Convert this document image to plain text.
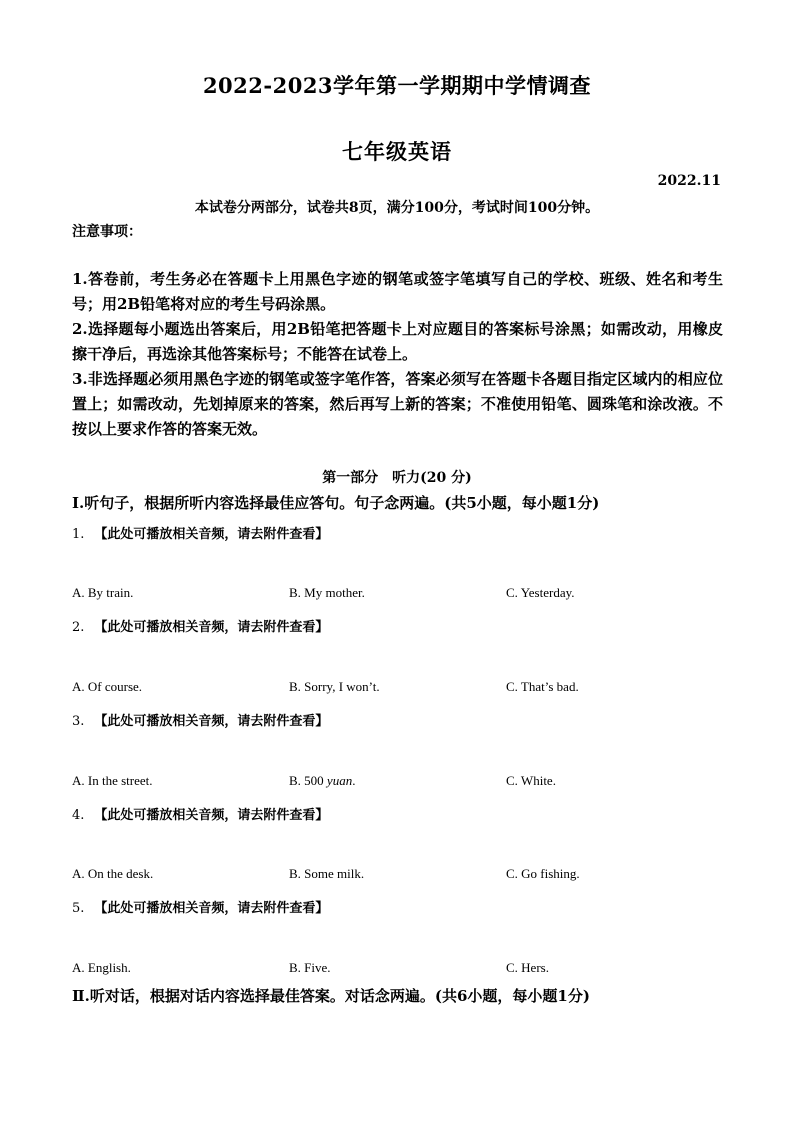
2022-2023学年第一学期期中学情调查
七年级英语
2022.11
本试卷分两部分，试卷共8页，满分100分，考试时间100分钟。
注意事项：

1.答卷前，考生务必在答题卡上用黑色字迹的钢笔或签字笔填写自己的学校、班级、姓名和考生号；用2B铅笔将对应的考生号码涂黑。

2.选择题每小题选出答案后，用2B铅笔把答题卡上对应题目的答案标号涂黑；如需改动，用橡皮擦干净后，再选涂其他答案标号；不能答在试卷上。

3.非选择题必须用黑色字迹的钢笔或签字笔作答，答案必须写在答题卡各题目指定区域内的相应位置上；如需改动，先划掉原来的答案，然后再写上新的答案；不准使用铅笔、圆珠笔和涂改液。不按以上要求作答的答案无效。

第一部分　听力(20 分)
I.听句子，根据所听内容选择最佳应答句。句子念两遍。(共5小题，每小题1分)
1. 【此处可播放相关音频，请去附件查看】
A. By train.	B. My mother.	C. Yesterday.
2. 【此处可播放相关音频，请去附件查看】
A. Of course.	B. Sorry, I won’t.	C. That’s bad.
3. 【此处可播放相关音频，请去附件查看】
A. In the street.	B. 500 yuan.	C. White.
4. 【此处可播放相关音频，请去附件查看】
A. On the desk.	B. Some milk.	C. Go fishing.
5. 【此处可播放相关音频，请去附件查看】
A. English.	B. Five.	C. Hers.
Ⅱ.听对话，根据对话内容选择最佳答案。对话念两遍。(共6小题，每小题1分)
